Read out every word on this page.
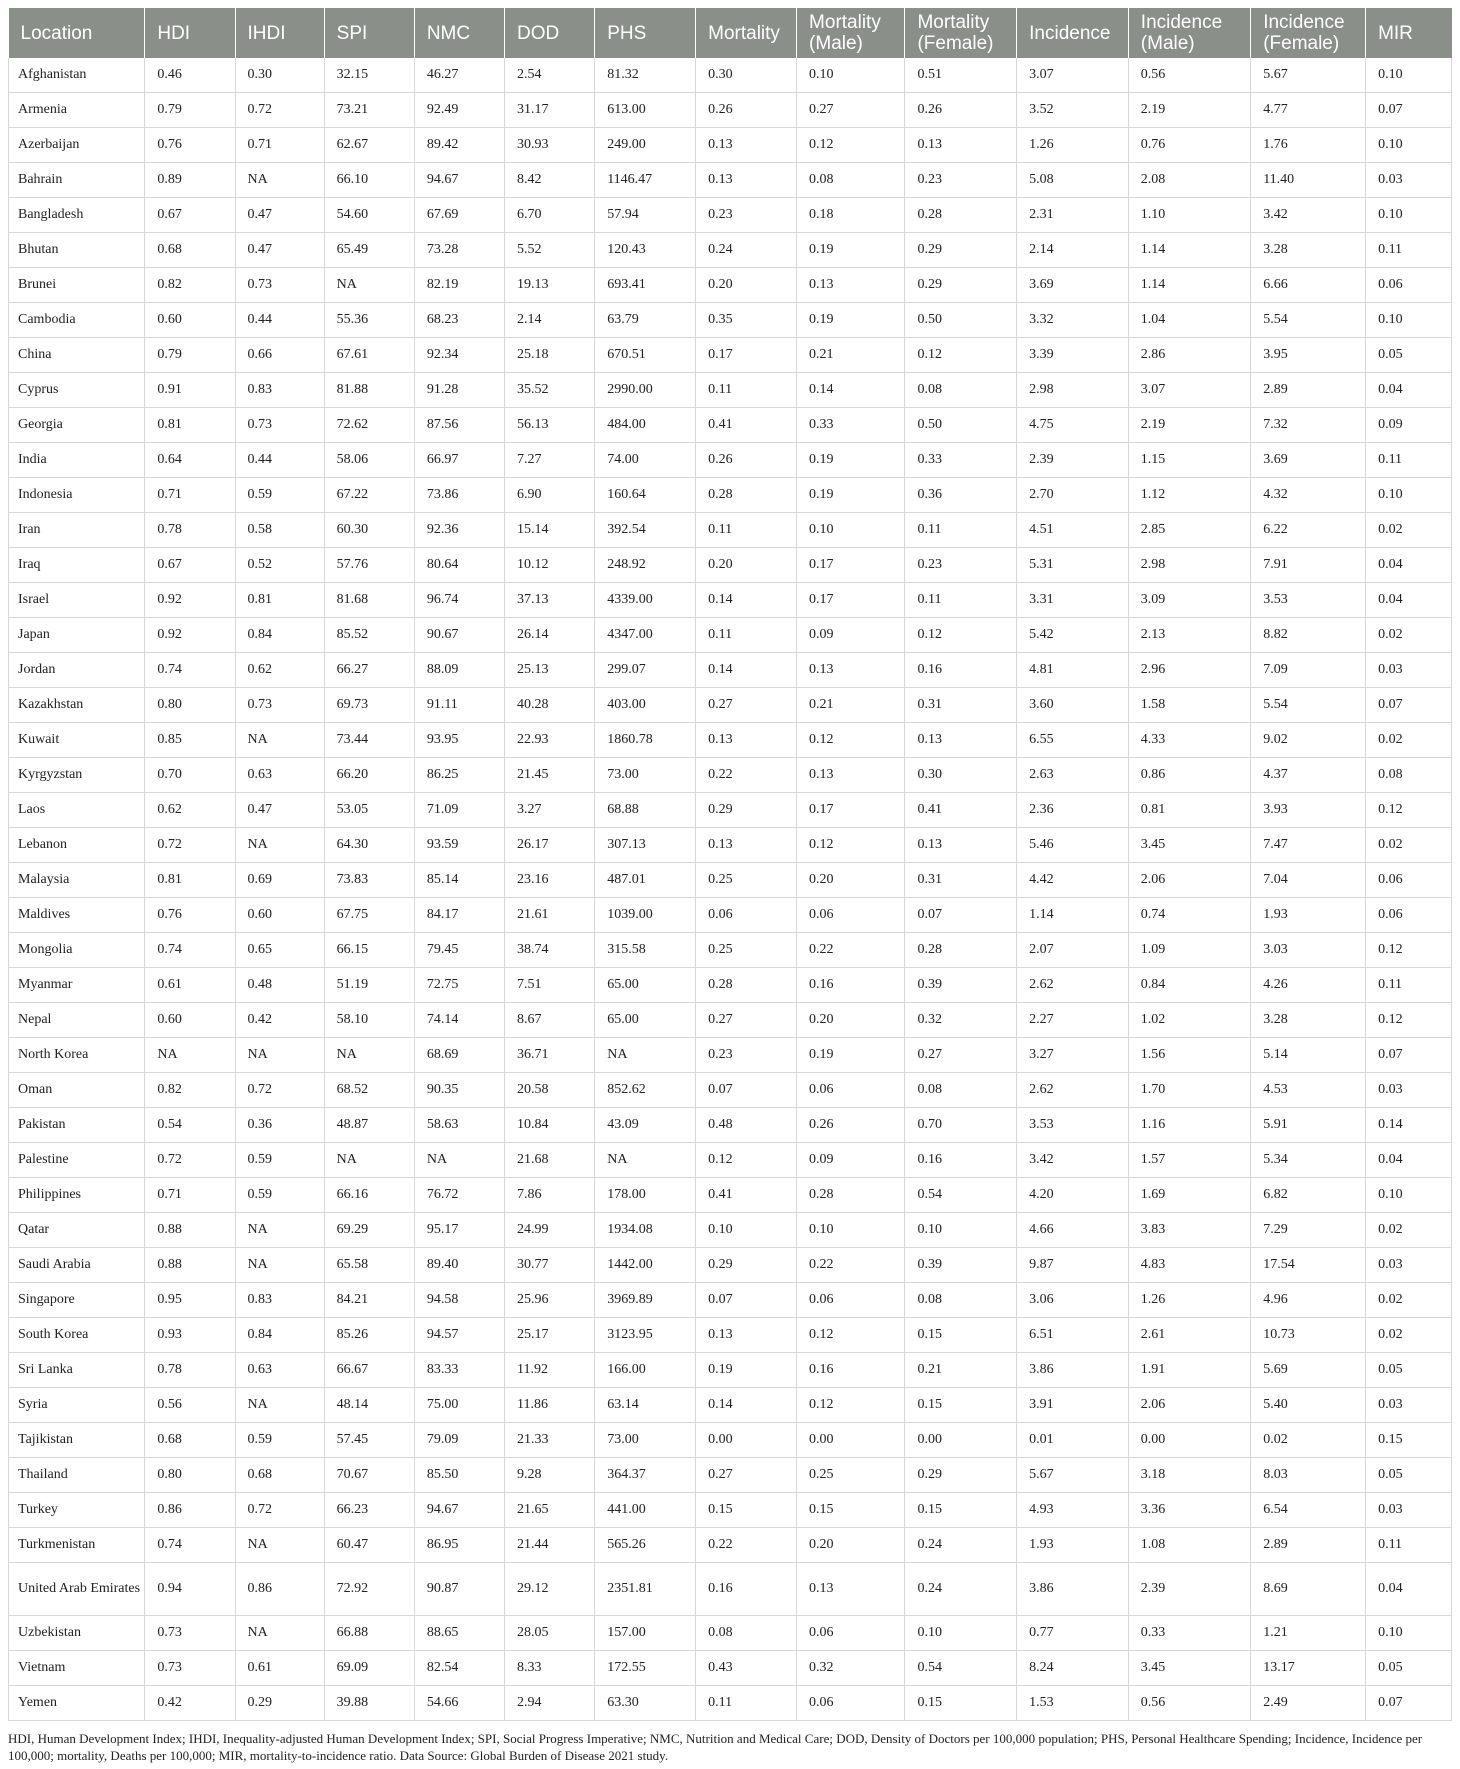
Location	HDI	IHDI	SPI	NMC	DOD	PHS	Mortality	Mortality (Male)	Mortality (Female)	Incidence	Incidence (Male)	Incidence (Female)	MIR
Afghanistan	0.46	0.30	32.15	46.27	2.54	81.32	0.30	0.10	0.51	3.07	0.56	5.67	0.10
Armenia	0.79	0.72	73.21	92.49	31.17	613.00	0.26	0.27	0.26	3.52	2.19	4.77	0.07
Azerbaijan	0.76	0.71	62.67	89.42	30.93	249.00	0.13	0.12	0.13	1.26	0.76	1.76	0.10
Bahrain	0.89	NA	66.10	94.67	8.42	1146.47	0.13	0.08	0.23	5.08	2.08	11.40	0.03
Bangladesh	0.67	0.47	54.60	67.69	6.70	57.94	0.23	0.18	0.28	2.31	1.10	3.42	0.10
Bhutan	0.68	0.47	65.49	73.28	5.52	120.43	0.24	0.19	0.29	2.14	1.14	3.28	0.11
Brunei	0.82	0.73	NA	82.19	19.13	693.41	0.20	0.13	0.29	3.69	1.14	6.66	0.06
Cambodia	0.60	0.44	55.36	68.23	2.14	63.79	0.35	0.19	0.50	3.32	1.04	5.54	0.10
China	0.79	0.66	67.61	92.34	25.18	670.51	0.17	0.21	0.12	3.39	2.86	3.95	0.05
Cyprus	0.91	0.83	81.88	91.28	35.52	2990.00	0.11	0.14	0.08	2.98	3.07	2.89	0.04
Georgia	0.81	0.73	72.62	87.56	56.13	484.00	0.41	0.33	0.50	4.75	2.19	7.32	0.09
India	0.64	0.44	58.06	66.97	7.27	74.00	0.26	0.19	0.33	2.39	1.15	3.69	0.11
Indonesia	0.71	0.59	67.22	73.86	6.90	160.64	0.28	0.19	0.36	2.70	1.12	4.32	0.10
Iran	0.78	0.58	60.30	92.36	15.14	392.54	0.11	0.10	0.11	4.51	2.85	6.22	0.02
Iraq	0.67	0.52	57.76	80.64	10.12	248.92	0.20	0.17	0.23	5.31	2.98	7.91	0.04
Israel	0.92	0.81	81.68	96.74	37.13	4339.00	0.14	0.17	0.11	3.31	3.09	3.53	0.04
Japan	0.92	0.84	85.52	90.67	26.14	4347.00	0.11	0.09	0.12	5.42	2.13	8.82	0.02
Jordan	0.74	0.62	66.27	88.09	25.13	299.07	0.14	0.13	0.16	4.81	2.96	7.09	0.03
Kazakhstan	0.80	0.73	69.73	91.11	40.28	403.00	0.27	0.21	0.31	3.60	1.58	5.54	0.07
Kuwait	0.85	NA	73.44	93.95	22.93	1860.78	0.13	0.12	0.13	6.55	4.33	9.02	0.02
Kyrgyzstan	0.70	0.63	66.20	86.25	21.45	73.00	0.22	0.13	0.30	2.63	0.86	4.37	0.08
Laos	0.62	0.47	53.05	71.09	3.27	68.88	0.29	0.17	0.41	2.36	0.81	3.93	0.12
Lebanon	0.72	NA	64.30	93.59	26.17	307.13	0.13	0.12	0.13	5.46	3.45	7.47	0.02
Malaysia	0.81	0.69	73.83	85.14	23.16	487.01	0.25	0.20	0.31	4.42	2.06	7.04	0.06
Maldives	0.76	0.60	67.75	84.17	21.61	1039.00	0.06	0.06	0.07	1.14	0.74	1.93	0.06
Mongolia	0.74	0.65	66.15	79.45	38.74	315.58	0.25	0.22	0.28	2.07	1.09	3.03	0.12
Myanmar	0.61	0.48	51.19	72.75	7.51	65.00	0.28	0.16	0.39	2.62	0.84	4.26	0.11
Nepal	0.60	0.42	58.10	74.14	8.67	65.00	0.27	0.20	0.32	2.27	1.02	3.28	0.12
North Korea	NA	NA	NA	68.69	36.71	NA	0.23	0.19	0.27	3.27	1.56	5.14	0.07
Oman	0.82	0.72	68.52	90.35	20.58	852.62	0.07	0.06	0.08	2.62	1.70	4.53	0.03
Pakistan	0.54	0.36	48.87	58.63	10.84	43.09	0.48	0.26	0.70	3.53	1.16	5.91	0.14
Palestine	0.72	0.59	NA	NA	21.68	NA	0.12	0.09	0.16	3.42	1.57	5.34	0.04
Philippines	0.71	0.59	66.16	76.72	7.86	178.00	0.41	0.28	0.54	4.20	1.69	6.82	0.10
Qatar	0.88	NA	69.29	95.17	24.99	1934.08	0.10	0.10	0.10	4.66	3.83	7.29	0.02
Saudi Arabia	0.88	NA	65.58	89.40	30.77	1442.00	0.29	0.22	0.39	9.87	4.83	17.54	0.03
Singapore	0.95	0.83	84.21	94.58	25.96	3969.89	0.07	0.06	0.08	3.06	1.26	4.96	0.02
South Korea	0.93	0.84	85.26	94.57	25.17	3123.95	0.13	0.12	0.15	6.51	2.61	10.73	0.02
Sri Lanka	0.78	0.63	66.67	83.33	11.92	166.00	0.19	0.16	0.21	3.86	1.91	5.69	0.05
Syria	0.56	NA	48.14	75.00	11.86	63.14	0.14	0.12	0.15	3.91	2.06	5.40	0.03
Tajikistan	0.68	0.59	57.45	79.09	21.33	73.00	0.00	0.00	0.00	0.01	0.00	0.02	0.15
Thailand	0.80	0.68	70.67	85.50	9.28	364.37	0.27	0.25	0.29	5.67	3.18	8.03	0.05
Turkey	0.86	0.72	66.23	94.67	21.65	441.00	0.15	0.15	0.15	4.93	3.36	6.54	0.03
Turkmenistan	0.74	NA	60.47	86.95	21.44	565.26	0.22	0.20	0.24	1.93	1.08	2.89	0.11
United Arab Emirates	0.94	0.86	72.92	90.87	29.12	2351.81	0.16	0.13	0.24	3.86	2.39	8.69	0.04
Uzbekistan	0.73	NA	66.88	88.65	28.05	157.00	0.08	0.06	0.10	0.77	0.33	1.21	0.10
Vietnam	0.73	0.61	69.09	82.54	8.33	172.55	0.43	0.32	0.54	8.24	3.45	13.17	0.05
Yemen	0.42	0.29	39.88	54.66	2.94	63.30	0.11	0.06	0.15	1.53	0.56	2.49	0.07
HDI, Human Development Index; IHDI, Inequality-adjusted Human Development Index; SPI, Social Progress Imperative; NMC, Nutrition and Medical Care; DOD, Density of Doctors per 100,000 population; PHS, Personal Healthcare Spending; Incidence, Incidence per 100,000; mortality, Deaths per 100,000; MIR, mortality-to-incidence ratio. Data Source: Global Burden of Disease 2021 study.
